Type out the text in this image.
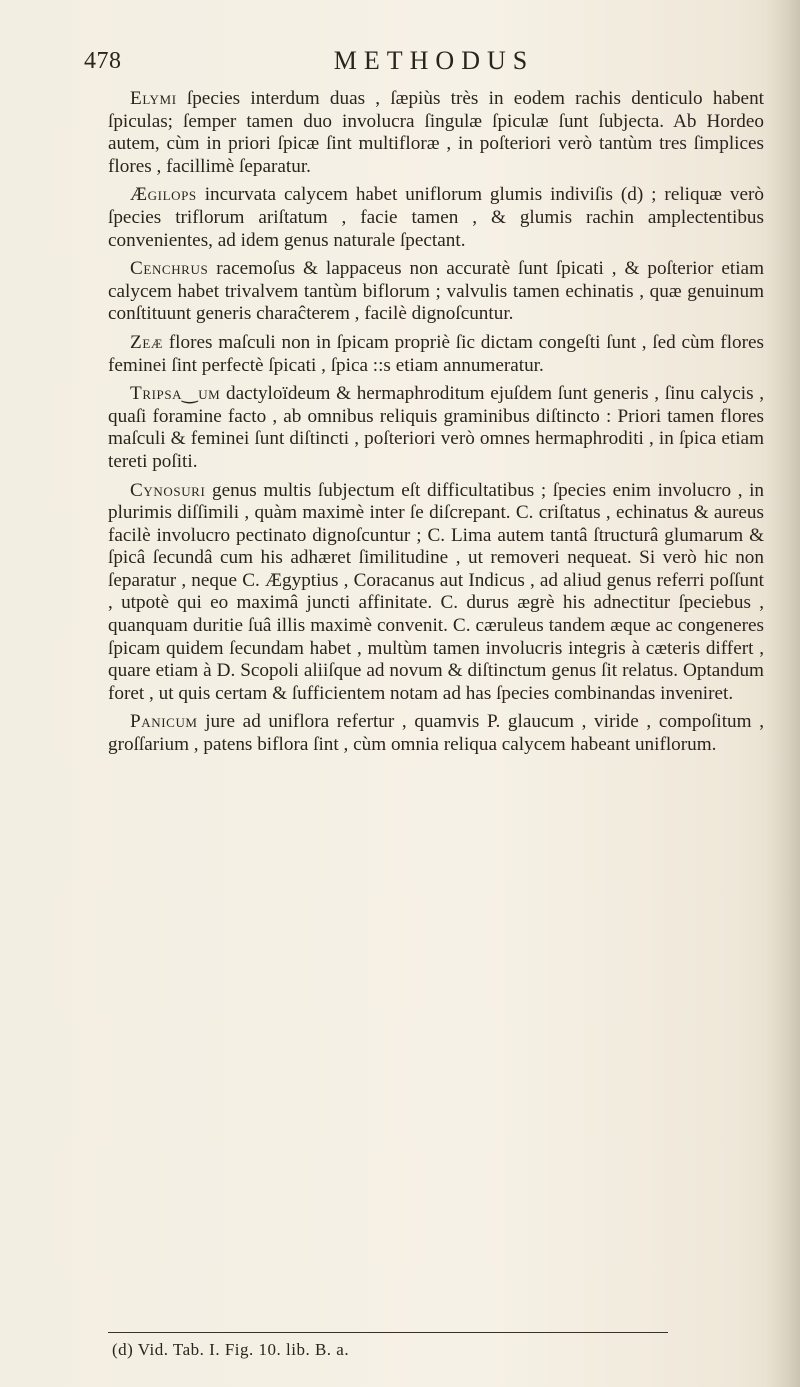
478	METHODUS

Elymi ſpecies interdum duas , ſæpiùs très in eodem rachis denticulo habent ſpiculas; ſemper tamen duo involucra ſingulæ ſpiculæ ſunt ſubjecta. Ab Hordeo autem, cùm in priori ſpicæ ſint multifloræ , in poſteriori verò tantùm tres ſimplices flores , facillimè ſeparatur.

Ægilops incurvata calycem habet uniflorum glumis indiviſis (d) ; reliquæ verò ſpecies triflorum ariſtatum , facie tamen , & glumis rachin amplectentibus convenientes, ad idem genus naturale ſpectant.

Cenchrus racemoſus & lappaceus non accuratè ſunt ſpicati , & poſterior etiam calycem habet trivalvem tantùm biflorum ; valvulis tamen echinatis , quæ genuinum conſtituunt generis charaĉterem , facilè dignoſcuntur.

Zeæ flores maſculi non in ſpicam propriè ſic dictam congeſti ſunt , ſed cùm flores feminei ſint perfectè ſpicati , ſpica ::s etiam annumeratur.

Tripsa‿um dactyloïdeum & hermaphroditum ejuſdem ſunt generis , ſinu calycis , quaſi foramine facto , ab omnibus reliquis graminibus diſtincto : Priori tamen flores maſculi & feminei ſunt diſtincti , poſteriori verò omnes hermaphroditi , in ſpica etiam tereti poſiti.

Cynosuri genus multis ſubjectum eſt difficultatibus ; ſpecies enim involucro , in plurimis diſſimili , quàm maximè inter ſe diſcrepant. C. criſtatus , echinatus & aureus facilè involucro pectinato dignoſcuntur ; C. Lima autem tantâ ſtructurâ glumarum & ſpicâ ſecundâ cum his adhæret ſimilitudine , ut removeri nequeat. Si verò hic non ſeparatur , neque C. Ægyptius , Coracanus aut Indicus , ad aliud genus referri poſſunt , utpotè qui eo maximâ juncti affinitate. C. durus ægrè his adnectitur ſpeciebus , quanquam duritie ſuâ illis maximè convenit. C. cæruleus tandem æque ac congeneres ſpicam quidem ſecundam habet , multùm tamen involucris integris à cæteris differt , quare etiam à D. Scopoli aliiſque ad novum & diſtinctum genus ſit relatus. Optandum foret , ut quis certam & ſufficientem notam ad has ſpecies combinandas inveniret.

Panicum jure ad uniflora refertur , quamvis P. glaucum , viride , compoſitum , groſſarium , patens biflora ſint , cùm omnia reliqua calycem habeant uniflorum.

(d) Vid. Tab. I. Fig. 10. lib. B. a.
